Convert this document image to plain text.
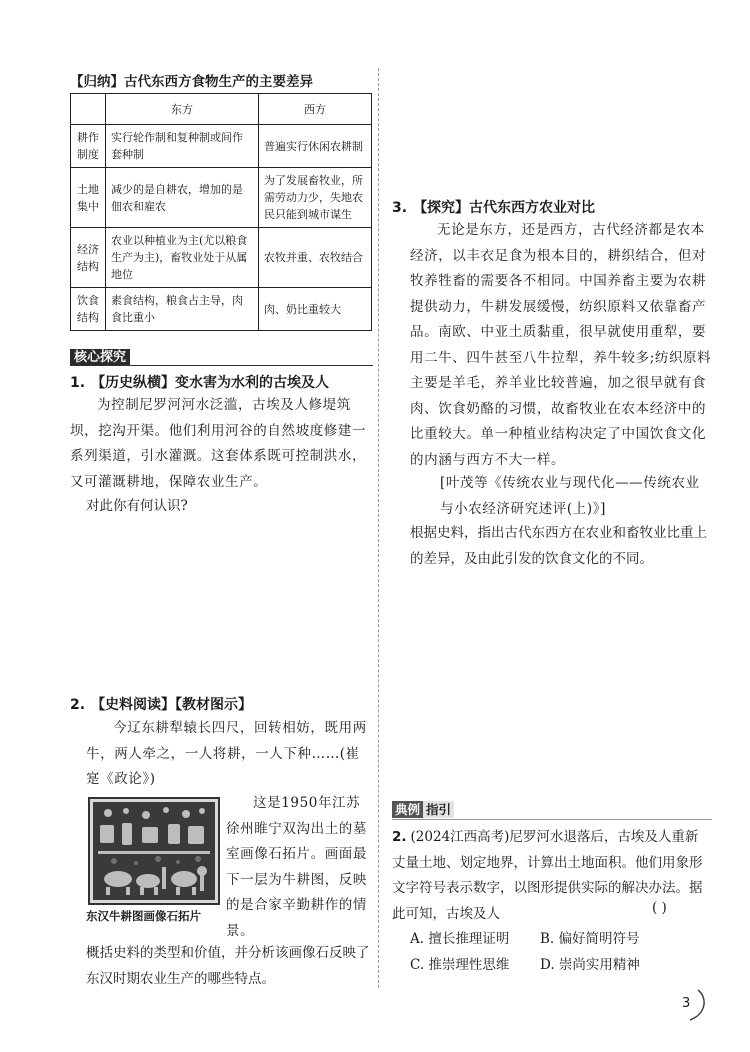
【归纳】古代东西方食物生产的主要差异
	东方	西方
耕作制度	实行轮作制和复种制或间作套种制	普遍实行休闲农耕制
土地集中	减少的是自耕农，增加的是佃农和雇农	为了发展畜牧业，所需劳动力少，失地农民只能到城市谋生
经济结构	农业以种植业为主(尤以粮食生产为主)，畜牧业处于从属地位	农牧并重、农牧结合
饮食结构	素食结构，粮食占主导，肉食比重小	肉、奶比重较大
核心探究
1. 【历史纵横】变水害为水利的古埃及人
为控制尼罗河河水泛滥，古埃及人修堤筑坝，挖沟开渠。他们利用河谷的自然坡度修建一系列渠道，引水灌溉。这套体系既可控制洪水，又可灌溉耕地，保障农业生产。
对此你有何认识?
2. 【史料阅读】【教材图示】
今辽东耕犁辕长四尺，回转相妨，既用两牛，两人牵之，一人将耕，一人下种……(崔寔《政论》)
东汉牛耕图画像石拓片
这是1950年江苏徐州睢宁双沟出土的墓室画像石拓片。画面最下一层为牛耕图，反映的是合家辛勤耕作的情景。
概括史料的类型和价值，并分析该画像石反映了东汉时期农业生产的哪些特点。
3. 【探究】古代东西方农业对比
无论是东方，还是西方，古代经济都是农本经济，以丰衣足食为根本目的，耕织结合，但对牧养牲畜的需要各不相同。中国养畜主要为农耕提供动力，牛耕发展缓慢，纺织原料又依靠畜产品。南欧、中亚土质黏重，很早就使用重犁，要用二牛、四牛甚至八牛拉犁，养牛较多;纺织原料主要是羊毛，养羊业比较普遍，加之很早就有食肉、饮食奶酪的习惯，故畜牧业在农本经济中的比重较大。单一种植业结构决定了中国饮食文化的内涵与西方不大一样。
[叶茂等《传统农业与现代化——传统农业与小农经济研究述评(上)》]
根据史料，指出古代东西方在农业和畜牧业比重上的差异，及由此引发的饮食文化的不同。
典例 指引
2. (2024江西高考)尼罗河水退落后，古埃及人重新丈量土地、划定地界，计算出土地面积。他们用象形文字符号表示数字，以图形提供实际的解决办法。据此可知，古埃及人	( )
A. 擅长推理证明 B. 偏好简明符号
C. 推崇理性思维 D. 崇尚实用精神
3
